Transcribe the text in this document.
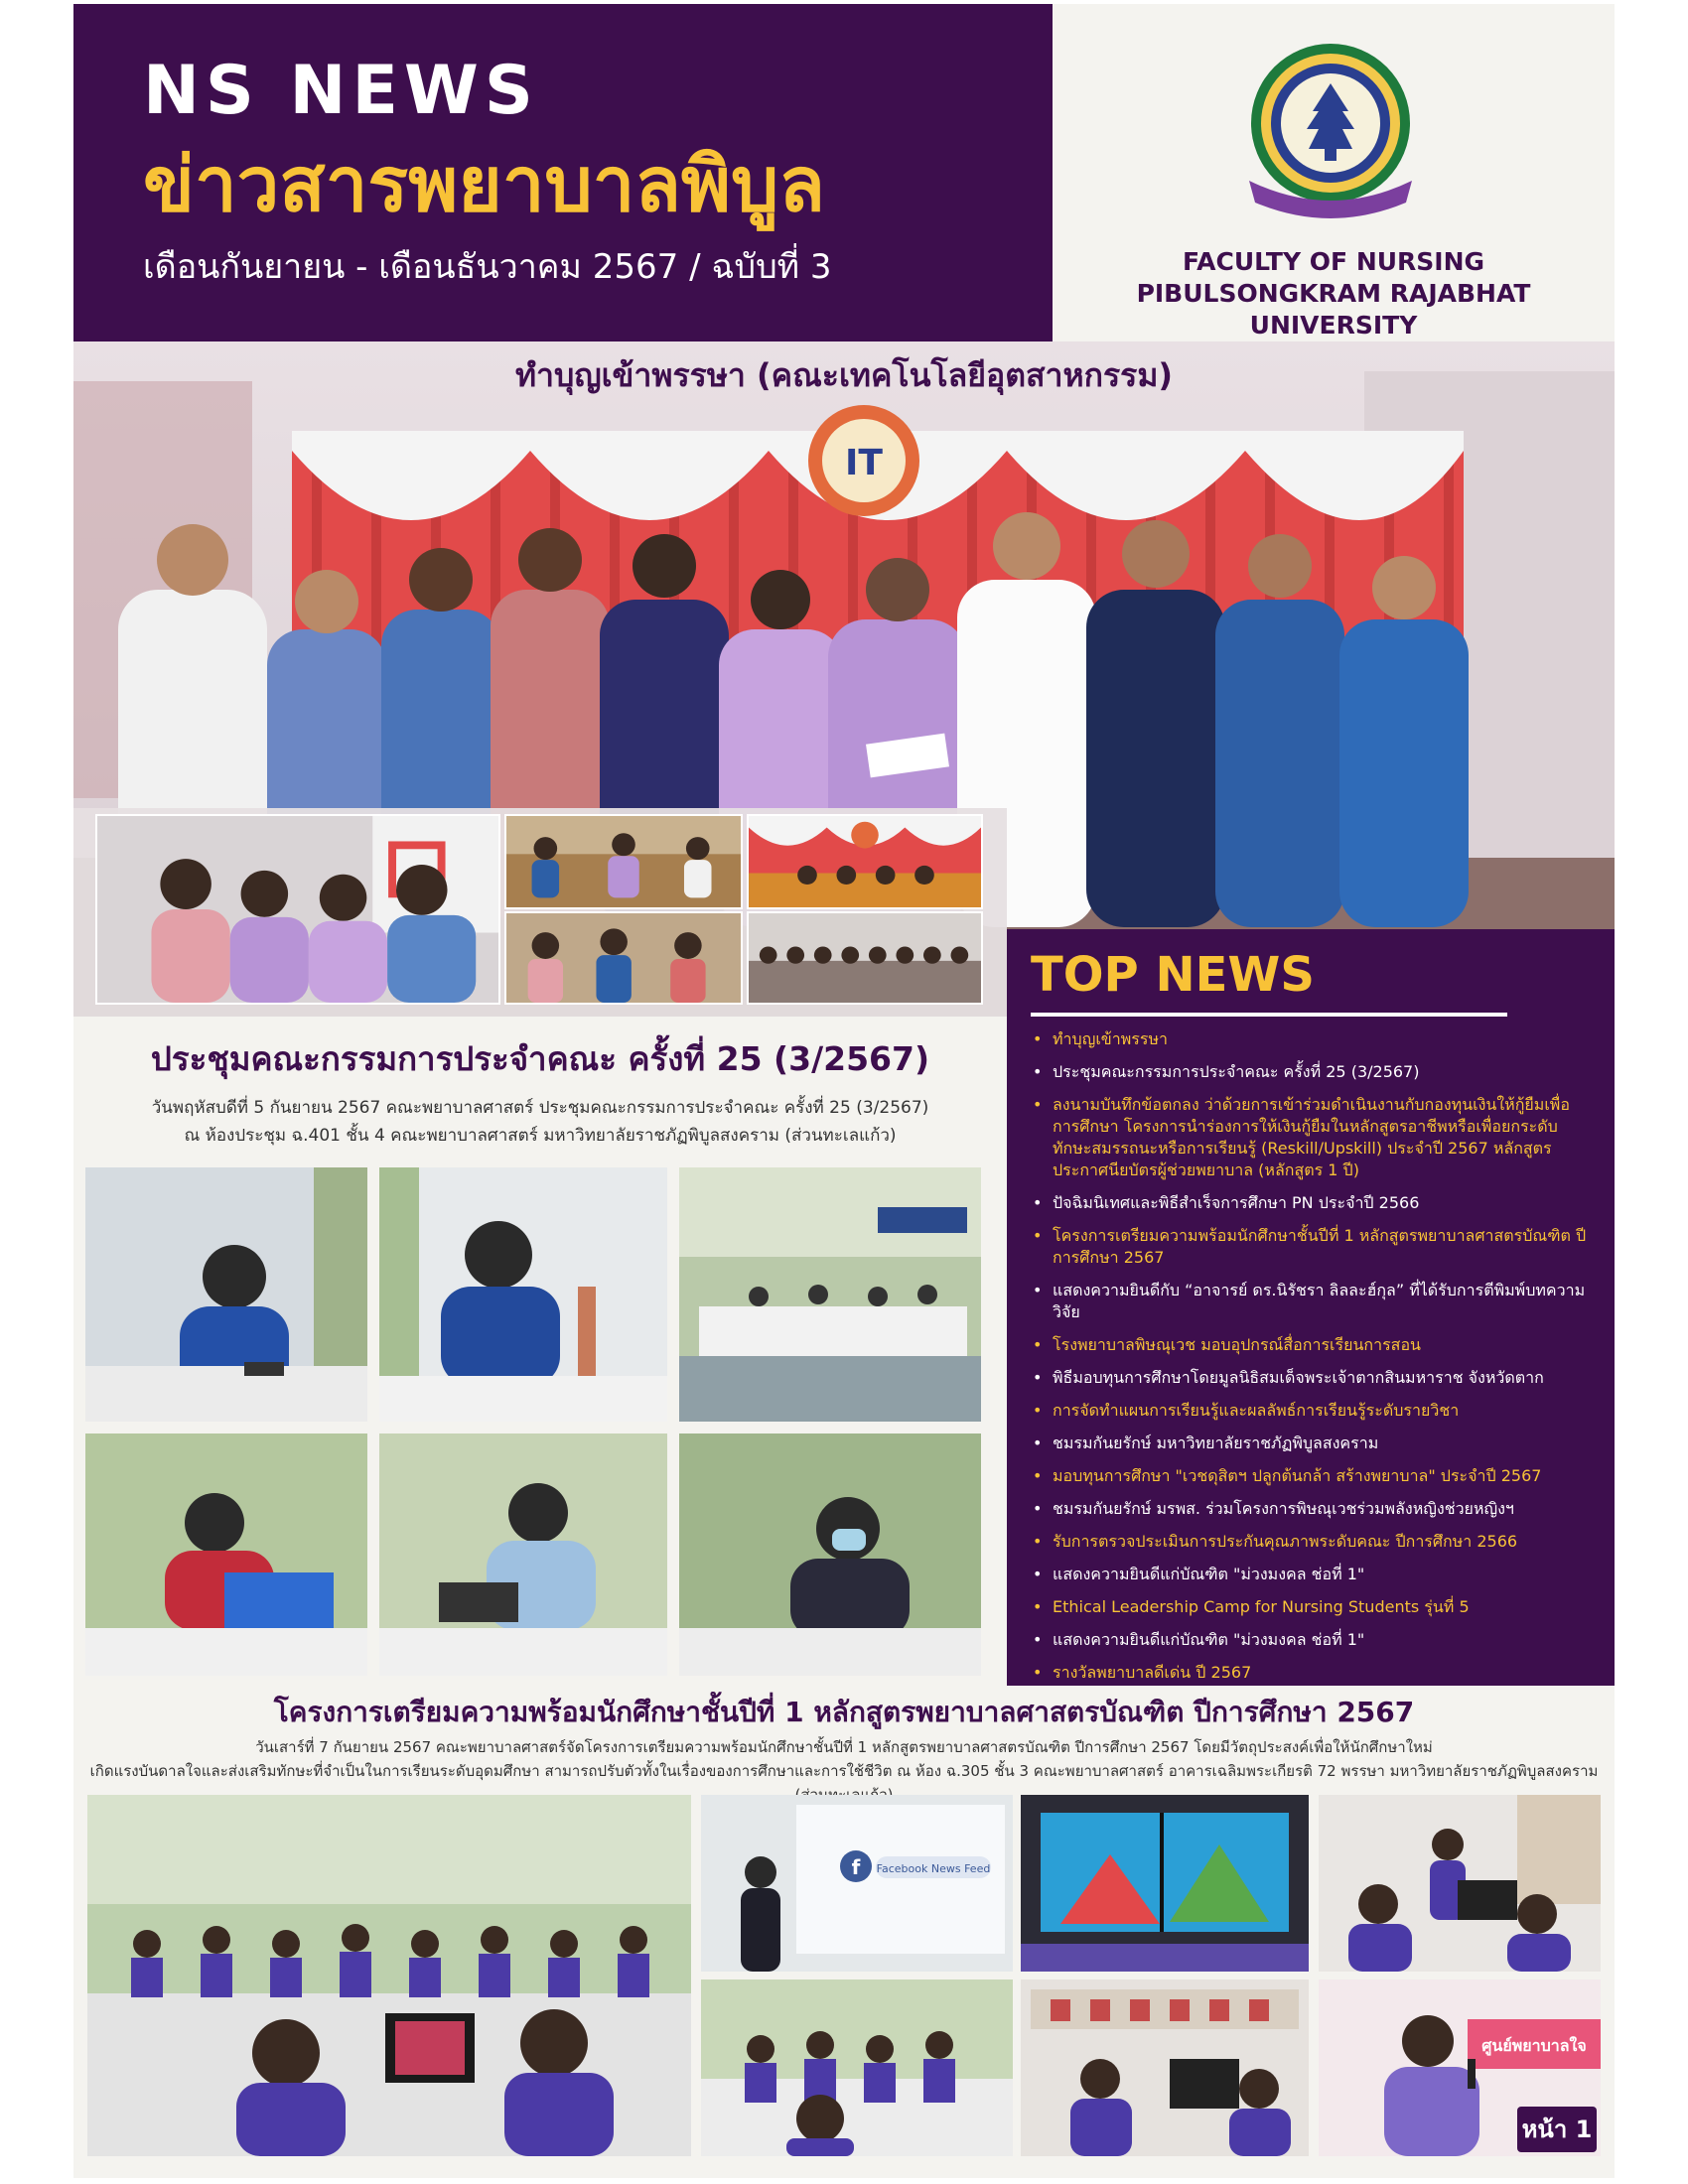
NS NEWS
ข่าวสารพยาบาลพิบูล
เดือนกันยายน - เดือนธันวาคม 2567 / ฉบับที่ 3	FACULTY OF NURSING
PIBULSONGKRAM RAJABHAT UNIVERSITY
IT
ทำบุญเข้าพรรษา (คณะเทคโนโลยีอุตสาหกรรม)
TOP NEWS
• ทำบุญเข้าพรรษา
• ประชุมคณะกรรมการประจำคณะ ครั้งที่ 25 (3/2567)
• ลงนามบันทึกข้อตกลง ว่าด้วยการเข้าร่วมดำเนินงานกับกองทุนเงินให้กู้ยืมเพื่อการศึกษา โครงการนำร่องการให้เงินกู้ยืมในหลักสูตรอาชีพหรือเพื่อยกระดับทักษะสมรรถนะหรือการเรียนรู้ (Reskill/Upskill) ประจำปี 2567 หลักสูตรประกาศนียบัตรผู้ช่วยพยาบาล (หลักสูตร 1 ปี)
• ปัจฉิมนิเทศและพิธีสำเร็จการศึกษา PN ประจำปี 2566
• โครงการเตรียมความพร้อมนักศึกษาชั้นปีที่ 1 หลักสูตรพยาบาลศาสตรบัณฑิต ปีการศึกษา 2567
• แสดงความยินดีกับ “อาจารย์ ดร.นิรัชรา ลิลละฮ์กุล” ที่ได้รับการตีพิมพ์บทความวิจัย
• โรงพยาบาลพิษณุเวช มอบอุปกรณ์สื่อการเรียนการสอน
• พิธีมอบทุนการศึกษาโดยมูลนิธิสมเด็จพระเจ้าตากสินมหาราช จังหวัดตาก
• การจัดทำแผนการเรียนรู้และผลลัพธ์การเรียนรู้ระดับรายวิชา
• ชมรมกันยรักษ์ มหาวิทยาลัยราชภัฏพิบูลสงคราม
• มอบทุนการศึกษา "เวชดุสิตฯ ปลูกต้นกล้า สร้างพยาบาล" ประจำปี 2567
• ชมรมกันยรักษ์ มรพส. ร่วมโครงการพิษณุเวชร่วมพลังหญิงช่วยหญิงฯ
• รับการตรวจประเมินการประกันคุณภาพระดับคณะ ปีการศึกษา 2566
• แสดงความยินดีแก่บัณฑิต "ม่วงมงคล ช่อที่ 1"
• Ethical Leadership Camp for Nursing Students รุ่นที่ 5
• แสดงความยินดีแก่บัณฑิต "ม่วงมงคล ช่อที่ 1"
• รางวัลพยาบาลดีเด่น ปี 2567
ประชุมคณะกรรมการประจำคณะ ครั้งที่ 25 (3/2567)
วันพฤหัสบดีที่ 5 กันยายน 2567 คณะพยาบาลศาสตร์ ประชุมคณะกรรมการประจำคณะ ครั้งที่ 25 (3/2567)
ณ ห้องประชุม ฉ.401 ชั้น 4 คณะพยาบาลศาสตร์ มหาวิทยาลัยราชภัฏพิบูลสงคราม (ส่วนทะเลแก้ว)
โครงการเตรียมความพร้อมนักศึกษาชั้นปีที่ 1 หลักสูตรพยาบาลศาสตรบัณฑิต ปีการศึกษา 2567
วันเสาร์ที่ 7 กันยายน 2567 คณะพยาบาลศาสตร์จัดโครงการเตรียมความพร้อมนักศึกษาชั้นปีที่ 1 หลักสูตรพยาบาลศาสตรบัณฑิต ปีการศึกษา 2567 โดยมีวัตถุประสงค์เพื่อให้นักศึกษาใหม่
เกิดแรงบันดาลใจและส่งเสริมทักษะที่จำเป็นในการเรียนระดับอุดมศึกษา สามารถปรับตัวทั้งในเรื่องของการศึกษาและการใช้ชีวิต ณ ห้อง ฉ.305 ชั้น 3 คณะพยาบาลศาสตร์ อาคารเฉลิมพระเกียรติ 72 พรรษา มหาวิทยาลัยราชภัฏพิบูลสงคราม
f Facebook News Feed
ศูนย์พยาบาลใจ
หน้า 1
